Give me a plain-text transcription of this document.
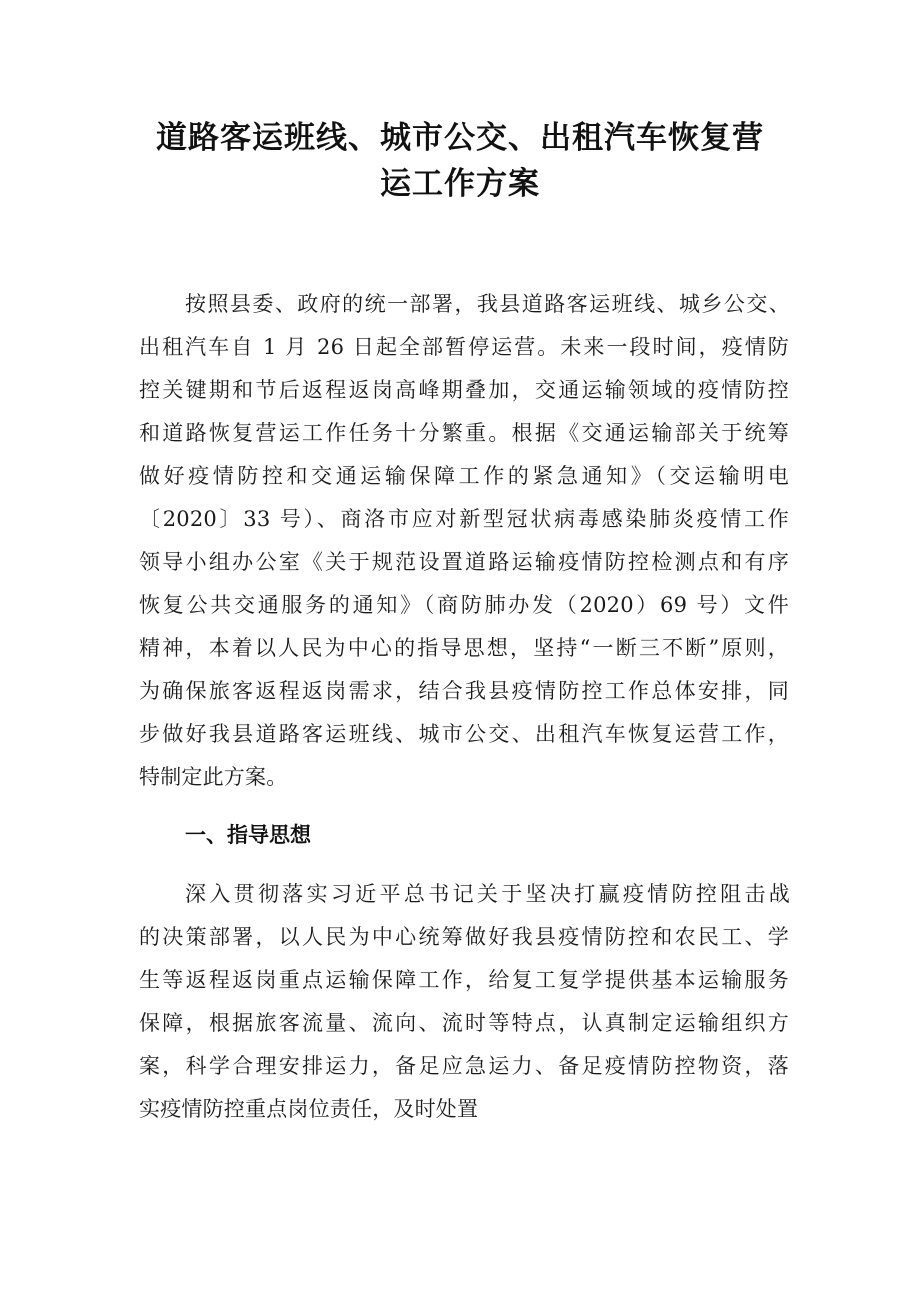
道路客运班线、城市公交、出租汽车恢复营
运工作方案
按照县委、政府的统一部署，我县道路客运班线、城乡公交、
出租汽车自 1 月 26 日起全部暂停运营。未来一段时间，疫情防
控关键期和节后返程返岗高峰期叠加，交通运输领域的疫情防控
和道路恢复营运工作任务十分繁重。根据《交通运输部关于统筹
做好疫情防控和交通运输保障工作的紧急通知》（交运输明电
〔2020〕33 号）、商洛市应对新型冠状病毒感染肺炎疫情工作
领导小组办公室《关于规范设置道路运输疫情防控检测点和有序
恢复公共交通服务的通知》（商防肺办发（2020）69 号）文件
精神，本着以人民为中心的指导思想，坚持“一断三不断”原则，
为确保旅客返程返岗需求，结合我县疫情防控工作总体安排，同
步做好我县道路客运班线、城市公交、出租汽车恢复运营工作，
特制定此方案。
一、指导思想
深入贯彻落实习近平总书记关于坚决打赢疫情防控阻击战
的决策部署，以人民为中心统筹做好我县疫情防控和农民工、学
生等返程返岗重点运输保障工作，给复工复学提供基本运输服务
保障，根据旅客流量、流向、流时等特点，认真制定运输组织方
案，科学合理安排运力，备足应急运力、备足疫情防控物资，落
实疫情防控重点岗位责任，及时处置
